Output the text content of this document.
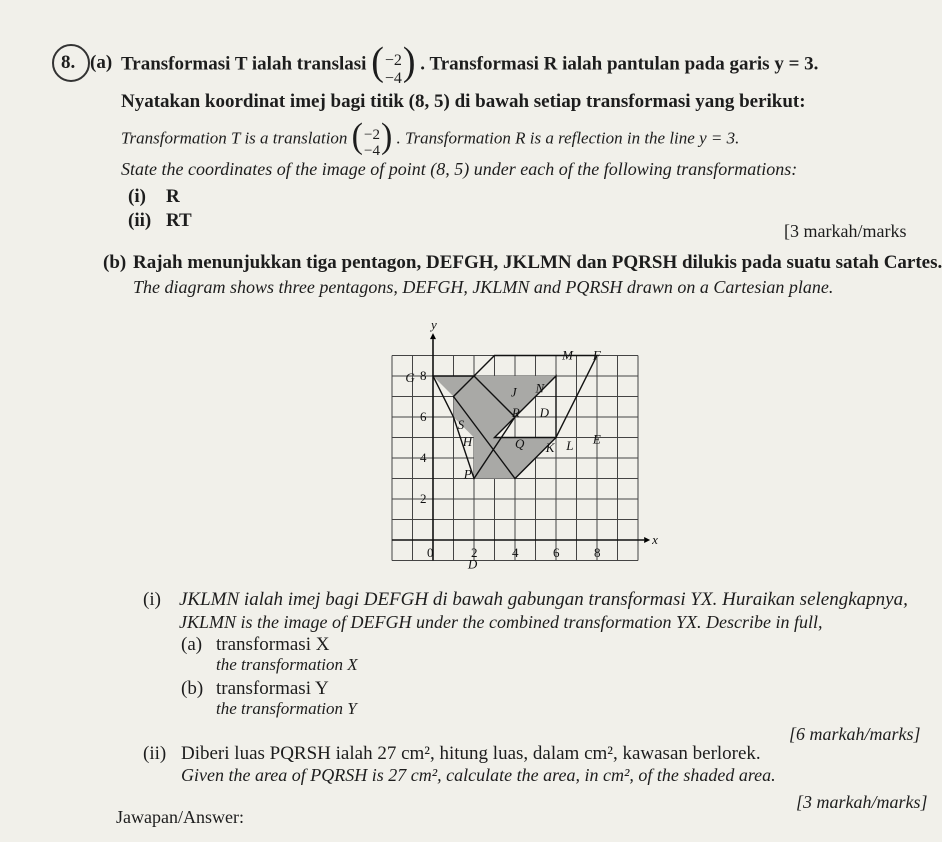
8. (a) Transformasi T ialah translasi (−2
−4) . Transformasi R ialah pantulan pada garis y = 3.
Nyatakan koordinat imej bagi titik (8, 5) di bawah setiap transformasi yang berikut:
Transformation T is a translation (−2
−4) . Transformation R is a reflection in the line y = 3.
State the coordinates of the image of point (8, 5) under each of the following transformations:
(i) R
(ii) RT	[3 markah/marks
(b) Rajah menunjukkan tiga pentagon, DEFGH, JKLMN dan PQRSH dilukis pada suatu satah Cartes.
The diagram shows three pentagons, DEFGH, JKLMN and PQRSH drawn on a Cartesian plane.
y
x
0	2	4	6	8
2
4
6
8
G
M F
N
J
R D
S
H	Q K L E
P
D
(i) JKLMN ialah imej bagi DEFGH di bawah gabungan transformasi YX. Huraikan selengkapnya,
JKLMN is the image of DEFGH under the combined transformation YX. Describe in full,
(a) transformasi X
the transformation X
(b) transformasi Y
the transformation Y
[6 markah/marks]
(ii) Diberi luas PQRSH ialah 27 cm², hitung luas, dalam cm², kawasan berlorek.
Given the area of PQRSH is 27 cm², calculate the area, in cm², of the shaded area.
[3 markah/marks]
Jawapan/Answer:
